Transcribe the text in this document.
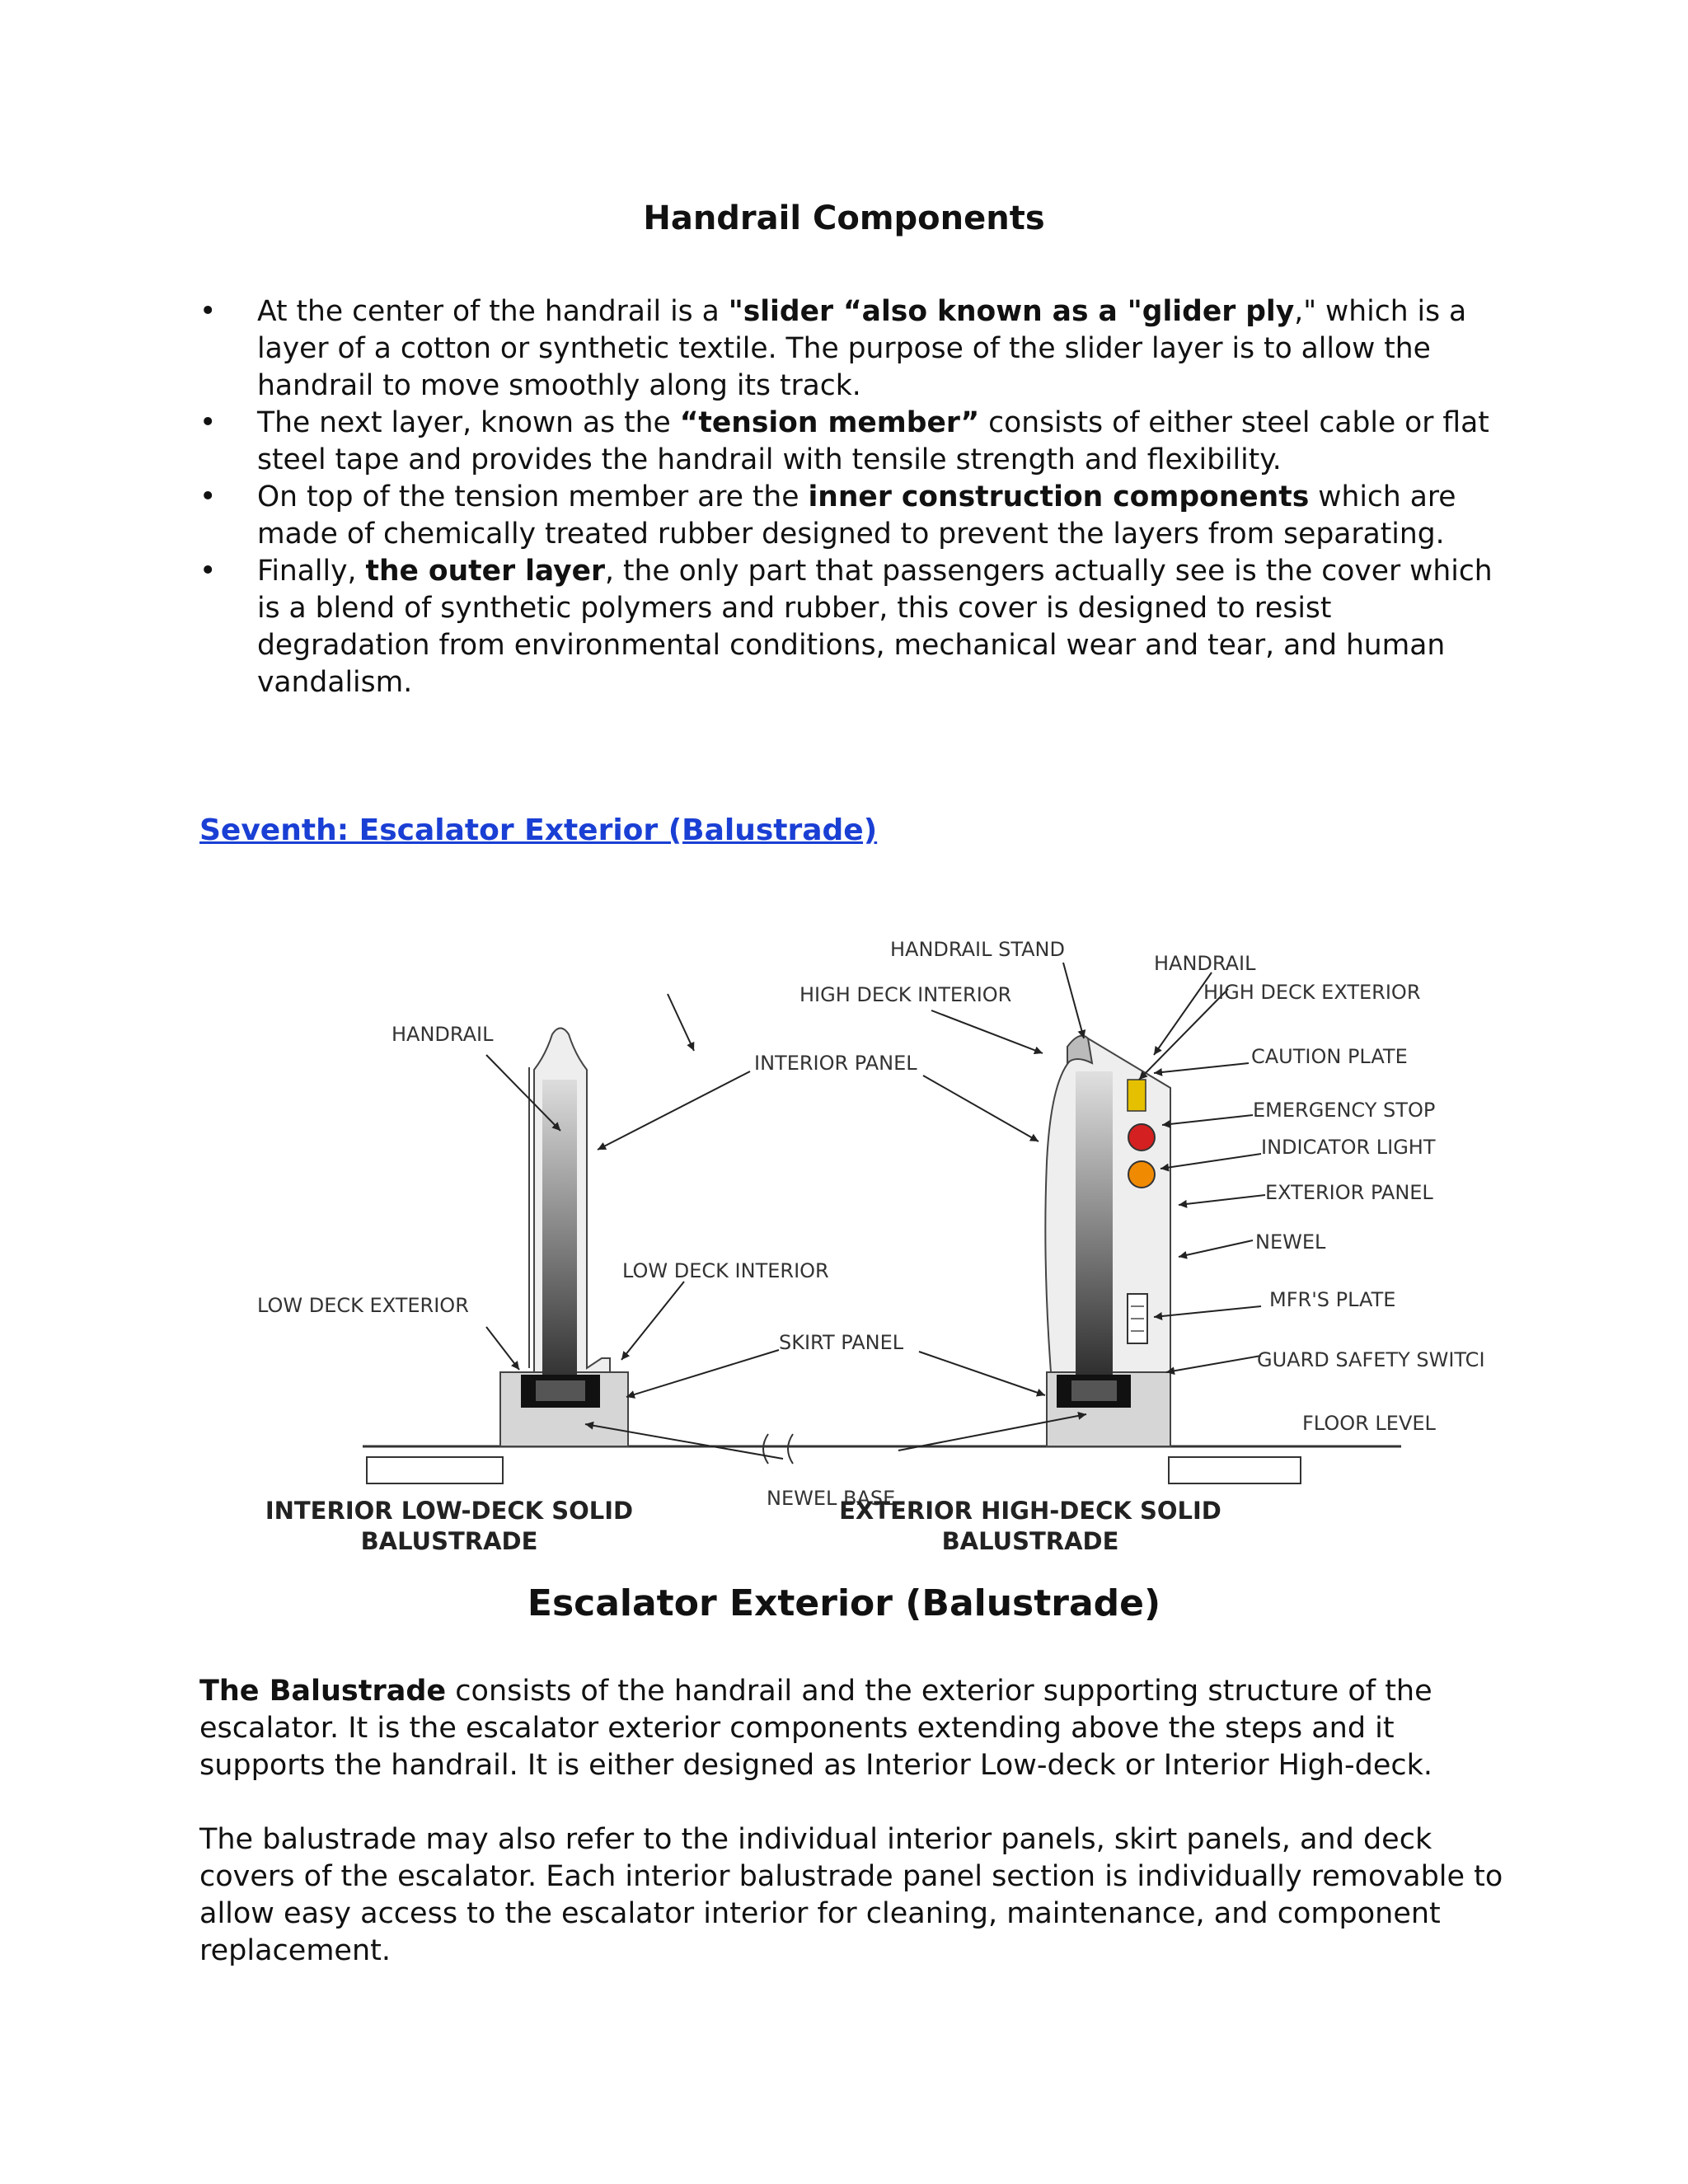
Handrail Components
• At the center of the handrail is a "slider “also known as a "glider ply," which is a layer of a cotton or synthetic textile. The purpose of the slider layer is to allow the handrail to move smoothly along its track.
• The next layer, known as the “tension member” consists of either steel cable or flat steel tape and provides the handrail with tensile strength and flexibility.
• On top of the tension member are the inner construction components which are made of chemically treated rubber designed to prevent the layers from separating.
• Finally, the outer layer, the only part that passengers actually see is the cover which is a blend of synthetic polymers and rubber, this cover is designed to resist degradation from environmental conditions, mechanical wear and tear, and human vandalism.
Seventh: Escalator Exterior (Balustrade)
HANDRAIL STAND
HIGH DECK INTERIOR
HANDRAIL
HIGH DECK EXTERIOR
HANDRAIL
INTERIOR PANEL	CAUTION PLATE
EMERGENCY STOP
INDICATOR LIGHT
EXTERIOR PANEL
NEWEL
LOW DECK INTERIOR
LOW DECK EXTERIOR	MFR'S PLATE
SKIRT PANEL
GUARD SAFETY SWITCI
FLOOR LEVEL
NEWEL BASE
INTERIOR LOW-DECK SOLID
BALUSTRADE
EXTERIOR HIGH-DECK SOLID
BALUSTRADE
Escalator Exterior (Balustrade)

The Balustrade consists of the handrail and the exterior supporting structure of the escalator. It is the escalator exterior components extending above the steps and it supports the handrail. It is either designed as Interior Low-deck or Interior High-deck.

The balustrade may also refer to the individual interior panels, skirt panels, and deck covers of the escalator. Each interior balustrade panel section is individually removable to allow easy access to the escalator interior for cleaning, maintenance, and component replacement.
